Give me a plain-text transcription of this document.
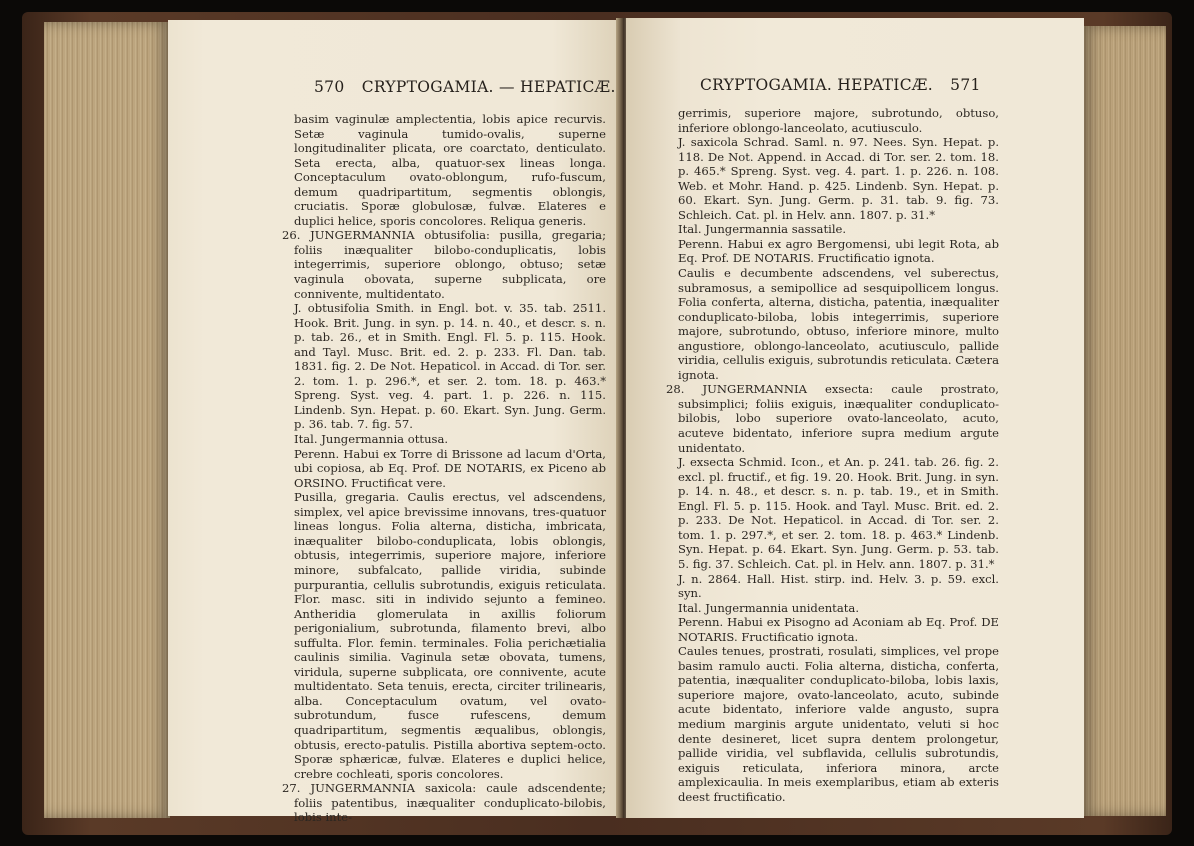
570 CRYPTOGAMIA. — HEPATICÆ.

basim vaginulæ amplectentia, lobis apice recurvis. Setæ vaginula tumido-ovalis, superne longitudinaliter plicata, ore coarctato, denticulato. Seta erecta, alba, quatuor-sex lineas longa. Conceptaculum ovato-oblongum, rufo-fuscum, demum quadripartitum, segmentis oblongis, cruciatis. Sporæ globulosæ, fulvæ. Elateres e duplici helice, sporis concolores. Reliqua generis.

26. JUNGERMANNIA obtusifolia: pusilla, gregaria; foliis inæqualiter bilobo-conduplicatis, lobis integerrimis, superiore oblongo, obtuso; setæ vaginula obovata, superne subplicata, ore connivente, multidentato.

J. obtusifolia Smith. in Engl. bot. v. 35. tab. 2511. Hook. Brit. Jung. in syn. p. 14. n. 40., et descr. s. n. p. tab. 26., et in Smith. Engl. Fl. 5. p. 115. Hook. and Tayl. Musc. Brit. ed. 2. p. 233. Fl. Dan. tab. 1831. fig. 2. De Not. Hepaticol. in Accad. di Tor. ser. 2. tom. 1. p. 296.*, et ser. 2. tom. 18. p. 463.* Spreng. Syst. veg. 4. part. 1. p. 226. n. 115. Lindenb. Syn. Hepat. p. 60. Ekart. Syn. Jung. Germ. p. 36. tab. 7. fig. 57.

Ital. Jungermannia ottusa.

Perenn. Habui ex Torre di Brissone ad lacum d'Orta, ubi copiosa, ab Eq. Prof. DE NOTARIS, ex Piceno ab ORSINO. Fructificat vere.

Pusilla, gregaria. Caulis erectus, vel adscendens, simplex, vel apice brevissime innovans, tres-quatuor lineas longus. Folia alterna, disticha, imbricata, inæqualiter bilobo-conduplicata, lobis oblongis, obtusis, integerrimis, superiore majore, inferiore minore, subfalcato, pallide viridia, subinde purpurantia, cellulis subrotundis, exiguis reticulata. Flor. masc. siti in individo sejunto a femineo. Antheridia glomerulata in axillis foliorum perigonialium, subrotunda, filamento brevi, albo suffulta. Flor. femin. terminales. Folia perichætialia caulinis similia. Vaginula setæ obovata, tumens, viridula, superne subplicata, ore connivente, acute multidentato. Seta tenuis, erecta, circiter trilinearis, alba. Conceptaculum ovatum, vel ovato-subrotundum, fusce rufescens, demum quadripartitum, segmentis æqualibus, oblongis, obtusis, erecto-patulis. Pistilla abortiva septem-octo. Sporæ sphæricæ, fulvæ. Elateres e duplici helice, crebre cochleati, sporis concolores.

27. JUNGERMANNIA saxicola: caule adscendente; foliis patentibus, inæqualiter conduplicato-bilobis, lobis inte-

CRYPTOGAMIA. HEPATICÆ. 571

gerrimis, superiore majore, subrotundo, obtuso, inferiore oblongo-lanceolato, acutiusculo.

J. saxicola Schrad. Saml. n. 97. Nees. Syn. Hepat. p. 118. De Not. Append. in Accad. di Tor. ser. 2. tom. 18. p. 465.* Spreng. Syst. veg. 4. part. 1. p. 226. n. 108. Web. et Mohr. Hand. p. 425. Lindenb. Syn. Hepat. p. 60. Ekart. Syn. Jung. Germ. p. 31. tab. 9. fig. 73. Schleich. Cat. pl. in Helv. ann. 1807. p. 31.*

Ital. Jungermannia sassatile.

Perenn. Habui ex agro Bergomensi, ubi legit Rota, ab Eq. Prof. DE NOTARIS. Fructificatio ignota.

Caulis e decumbente adscendens, vel suberectus, subramosus, a semipollice ad sesquipollicem longus. Folia conferta, alterna, disticha, patentia, inæqualiter conduplicato-biloba, lobis integerrimis, superiore majore, subrotundo, obtuso, inferiore minore, multo angustiore, oblongo-lanceolato, acutiusculo, pallide viridia, cellulis exiguis, subrotundis reticulata. Cætera ignota.

28. JUNGERMANNIA exsecta: caule prostrato, subsimplici; foliis exiguis, inæqualiter conduplicato-bilobis, lobo superiore ovato-lanceolato, acuto, acuteve bidentato, inferiore supra medium argute unidentato.

J. exsecta Schmid. Icon., et An. p. 241. tab. 26. fig. 2. excl. pl. fructif., et fig. 19. 20. Hook. Brit. Jung. in syn. p. 14. n. 48., et descr. s. n. p. tab. 19., et in Smith. Engl. Fl. 5. p. 115. Hook. and Tayl. Musc. Brit. ed. 2. p. 233. De Not. Hepaticol. in Accad. di Tor. ser. 2. tom. 1. p. 297.*, et ser. 2. tom. 18. p. 463.* Lindenb. Syn. Hepat. p. 64. Ekart. Syn. Jung. Germ. p. 53. tab. 5. fig. 37. Schleich. Cat. pl. in Helv. ann. 1807. p. 31.*

J. n. 2864. Hall. Hist. stirp. ind. Helv. 3. p. 59. excl. syn.

Ital. Jungermannia unidentata.

Perenn. Habui ex Pisogno ad Aconiam ab Eq. Prof. DE NOTARIS. Fructificatio ignota.

Caules tenues, prostrati, rosulati, simplices, vel prope basim ramulo aucti. Folia alterna, disticha, conferta, patentia, inæqualiter conduplicato-biloba, lobis laxis, superiore majore, ovato-lanceolato, acuto, subinde acute bidentato, inferiore valde angusto, supra medium marginis argute unidentato, veluti si hoc dente desineret, licet supra dentem prolongetur, pallide viridia, vel subflavida, cellulis subrotundis, exiguis reticulata, inferiora minora, arcte amplexicaulia. In meis exemplaribus, etiam ab exteris deest fructificatio.
